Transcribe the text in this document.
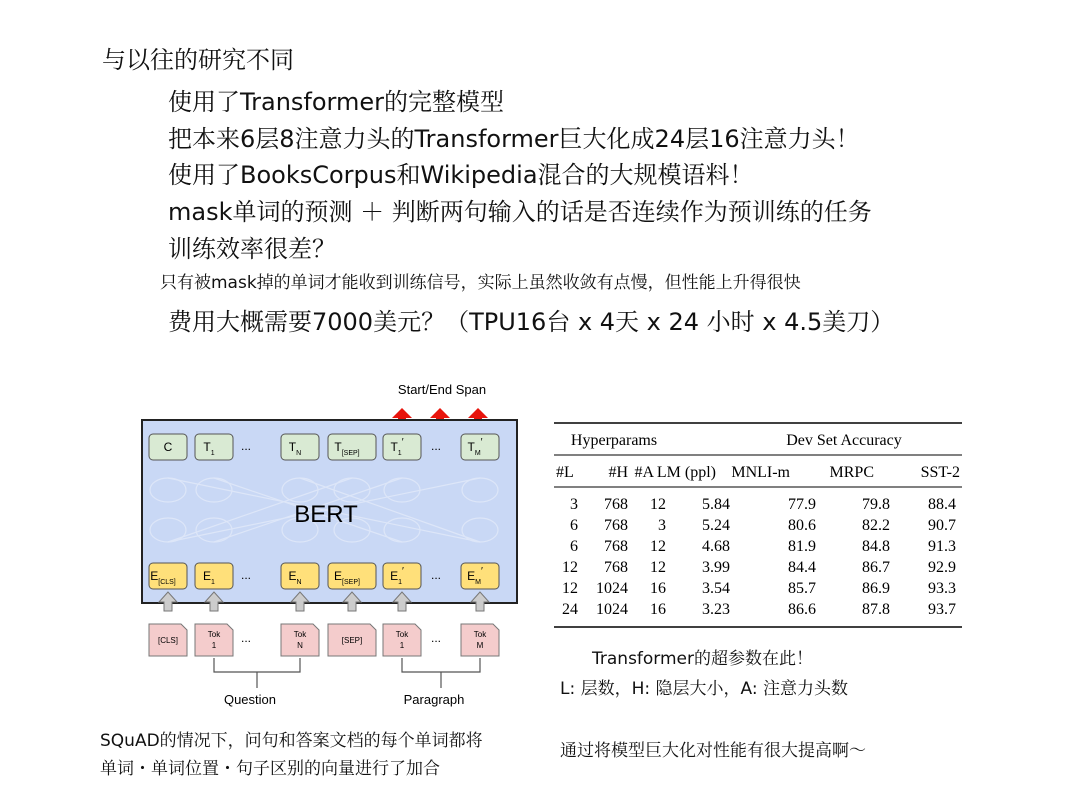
与以往的研究不同
使用了Transformer的完整模型
把本来6层8注意力头的Transformer巨大化成24层16注意力头！
使用了BooksCorpus和Wikipedia混合的大规模语料！
mask单词的预测 ＋ 判断两句输入的话是否连续作为预训练的任务
训练效率很差？
只有被mask掉的单词才能收到训练信号，实际上虽然收敛有点慢，但性能上升得很快
费用大概需要7000美元？（TPU16台 x 4天 x 24 小时 x 4.5美刀）
Start/End Span
BERT
C	$T_1$	$T_N$	$T_{[SEP]}$	$T_1'$	$T_M'$
$E_{[CLS]}$ $E_1$	$E_N$	$E_{[SEP]}$	$E_1'$	$E_M'$
[CLS]
Tok
1
Tok
N
[SEP]
Tok
1
Tok
M
...	...
...	...
...	...
Question	Paragraph
Hyperparams	Dev Set Accuracy
#L #H #A LM (ppl) MNLI-m MRPC	SST-2
3 768 12 5.84	77.9	79.8 88.4
6 768 3 5.24	80.6	82.2 90.7
6 768 12 4.68	81.9	84.8 91.3
12 768 12 3.99	84.4	86.7 92.9
12 1024 16 3.54	85.7	86.9 93.3
24 1024 16 3.23	86.6	87.8 93.7
Transformer的超参数在此！
L: 层数，H: 隐层大小，A: 注意力头数
SQuAD的情况下，问句和答案文档的每个单词都将
单词・单词位置・句子区别的向量进行了加合
通过将模型巨大化对性能有很大提高啊～
